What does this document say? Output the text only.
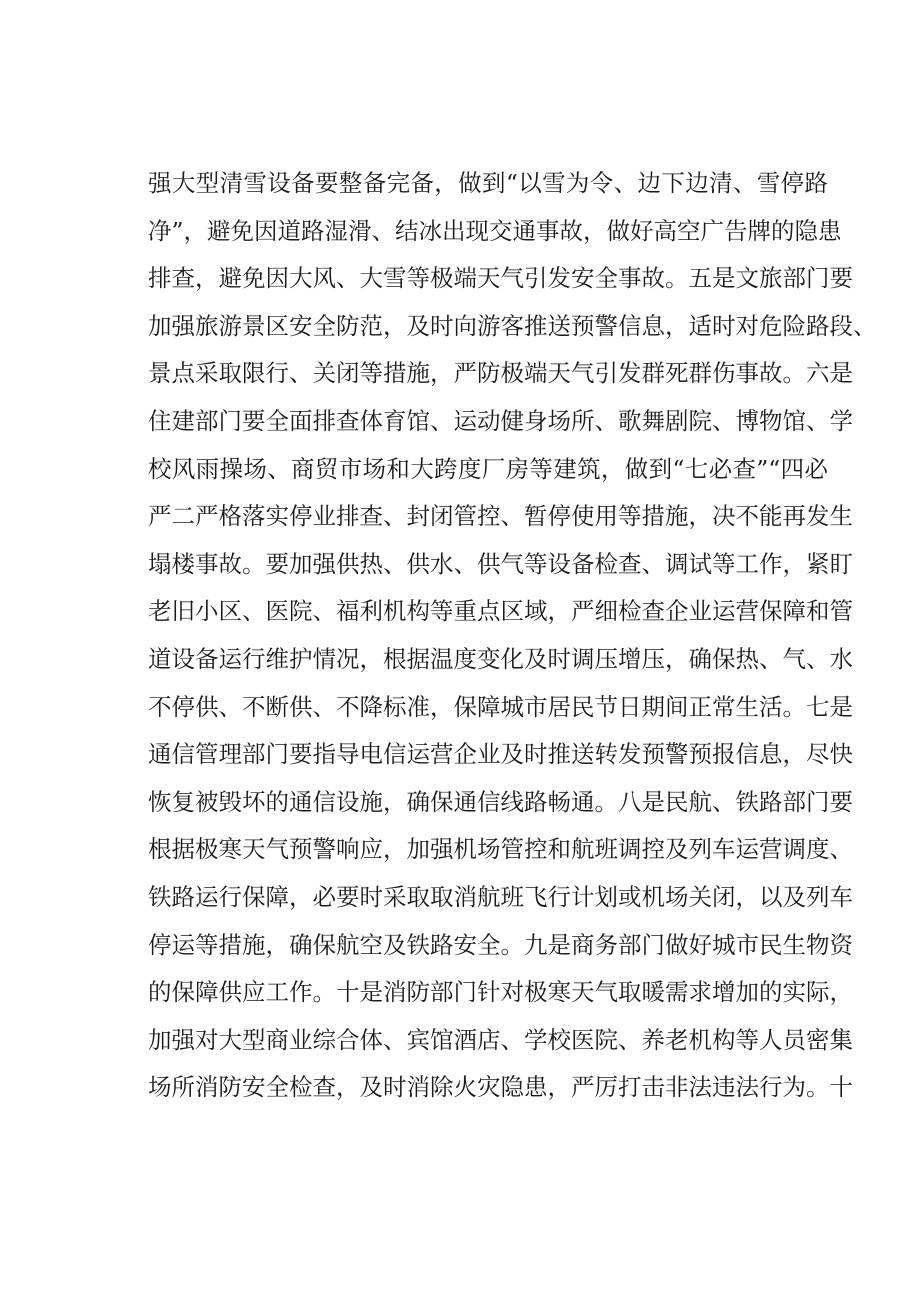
强大型清雪设备要整备完备，做到“以雪为令、边下边清、雪停路
净”，避免因道路湿滑、结冰出现交通事故，做好高空广告牌的隐患
排查，避免因大风、大雪等极端天气引发安全事故。五是文旅部门要
加强旅游景区安全防范，及时向游客推送预警信息，适时对危险路段、
景点采取限行、关闭等措施，严防极端天气引发群死群伤事故。六是
住建部门要全面排查体育馆、运动健身场所、歌舞剧院、博物馆、学
校风雨操场、商贸市场和大跨度厂房等建筑，做到“七必查”“四必
严二严格落实停业排查、封闭管控、暂停使用等措施，决不能再发生
塌楼事故。要加强供热、供水、供气等设备检查、调试等工作，紧盯
老旧小区、医院、福利机构等重点区域，严细检查企业运营保障和管
道设备运行维护情况，根据温度变化及时调压增压，确保热、气、水
不停供、不断供、不降标准，保障城市居民节日期间正常生活。七是
通信管理部门要指导电信运营企业及时推送转发预警预报信息，尽快
恢复被毁坏的通信设施，确保通信线路畅通。八是民航、铁路部门要
根据极寒天气预警响应，加强机场管控和航班调控及列车运营调度、
铁路运行保障，必要时采取取消航班飞行计划或机场关闭，以及列车
停运等措施，确保航空及铁路安全。九是商务部门做好城市民生物资
的保障供应工作。十是消防部门针对极寒天气取暖需求增加的实际，
加强对大型商业综合体、宾馆酒店、学校医院、养老机构等人员密集
场所消防安全检查，及时消除火灾隐患，严厉打击非法违法行为。十
